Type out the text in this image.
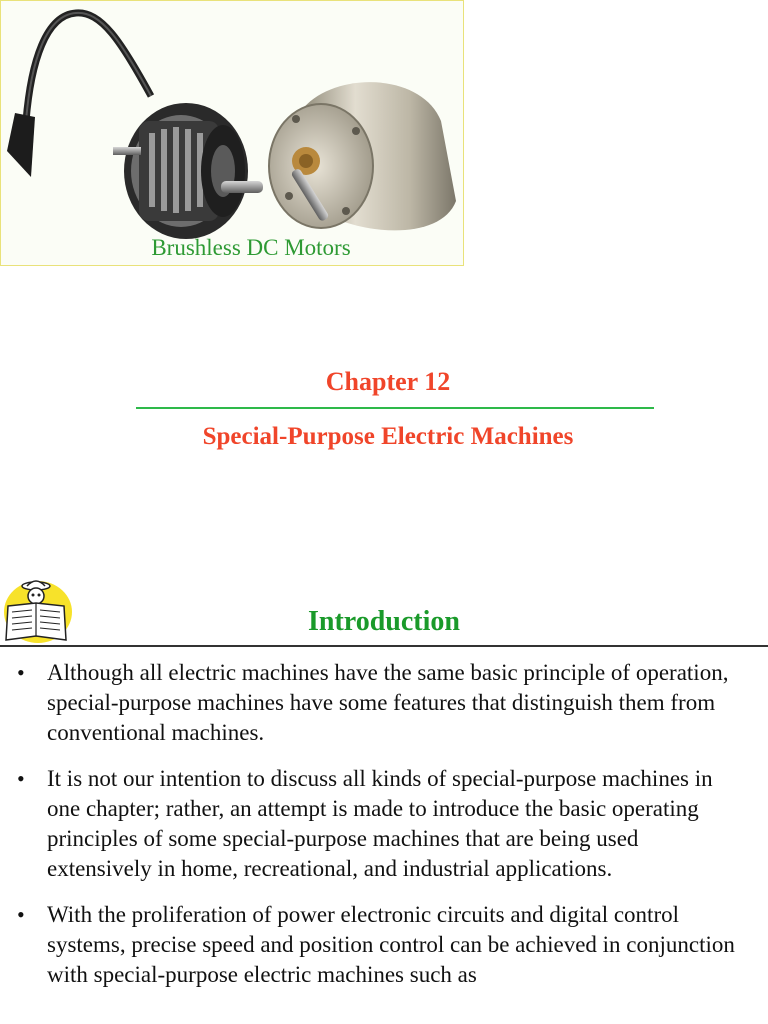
Brushless DC Motors
Chapter 12
Special-Purpose Electric Machines
Introduction
• Although all electric machines have the same basic principle of operation, special-purpose machines have some features that distinguish them from conventional machines.
• It is not our intention to discuss all kinds of special-purpose machines in one chapter; rather, an attempt is made to introduce the basic operating principles of some special-purpose machines that are being used extensively in home, recreational, and industrial applications.
• With the proliferation of power electronic circuits and digital control systems, precise speed and position control can be achieved in conjunction with special-purpose electric machines such as
